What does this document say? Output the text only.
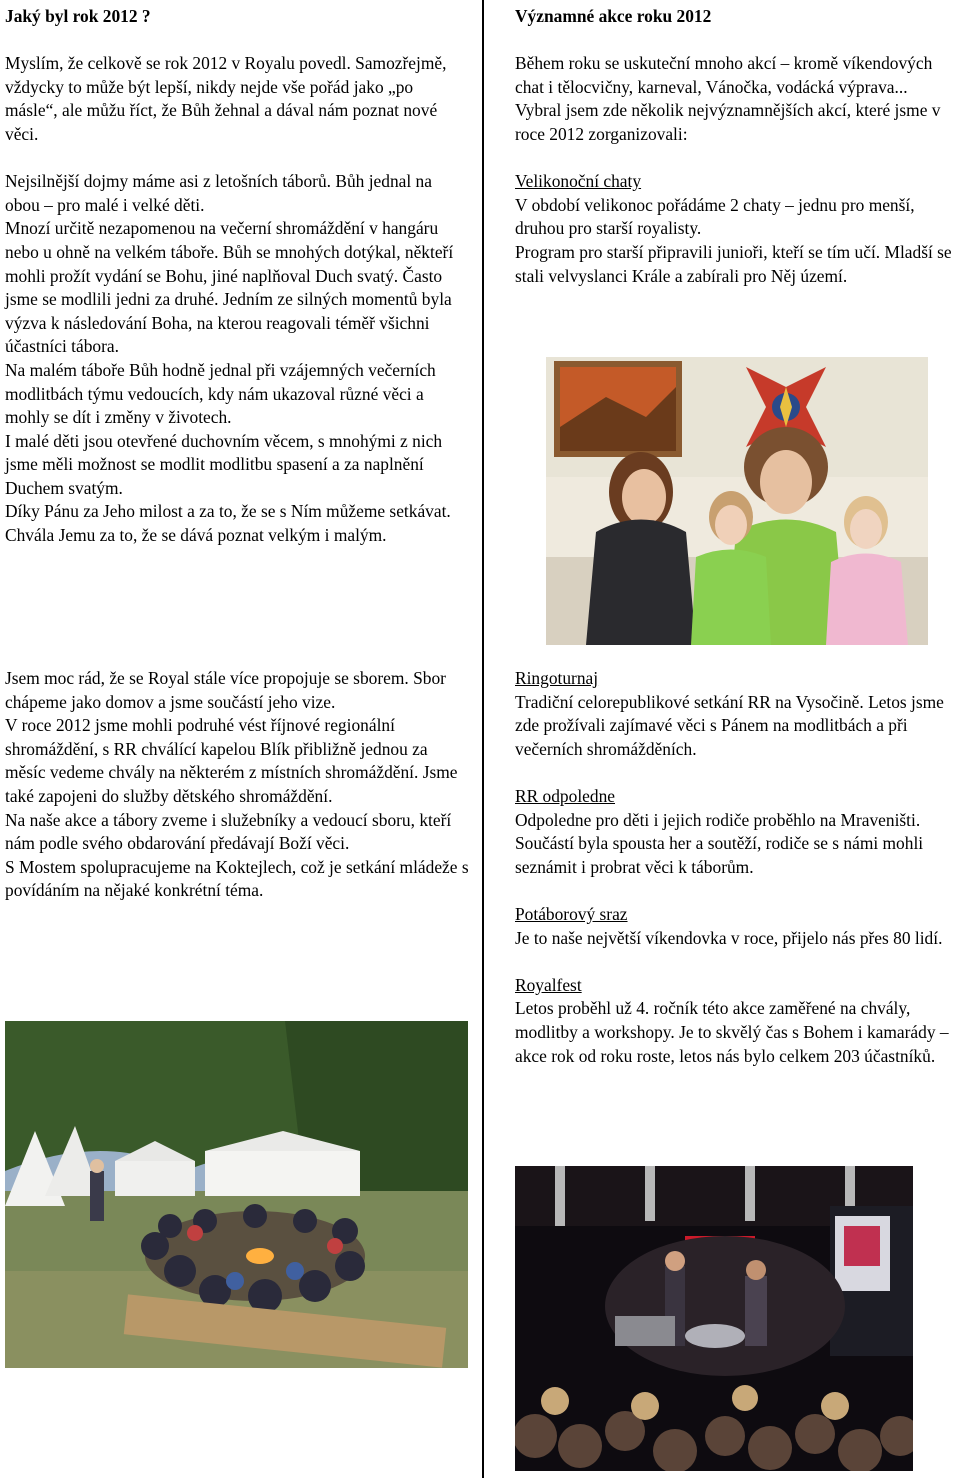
Jaký byl rok 2012 ?

Myslím, že celkově se rok 2012 v Royalu povedl. Samozřejmě, vždycky to může být lepší, nikdy nejde vše pořád jako „po másle“, ale můžu říct, že Bůh žehnal a dával nám poznat nové věci.

Nejsilnější dojmy máme asi z letošních táborů. Bůh jednal na obou – pro malé i velké děti.

Mnozí určitě nezapomenou na večerní shromáždění v hangáru nebo u ohně na velkém táboře. Bůh se mnohých dotýkal, někteří mohli prožít vydání se Bohu, jiné naplňoval Duch svatý. Často jsme se modlili jedni za druhé. Jedním ze silných momentů byla výzva k následování Boha, na kterou reagovali téměř všichni účastníci tábora.

Na malém táboře Bůh hodně jednal při vzájemných večerních modlitbách týmu vedoucích, kdy nám ukazoval různé věci a mohly se dít i změny v životech.

I malé děti jsou otevřené duchovním věcem, s mnohými z nich jsme měli možnost se modlit modlitbu spasení a za naplnění Duchem svatým.

Díky Pánu za Jeho milost a za to, že se s Ním můžeme setkávat.

Chvála Jemu za to, že se dává poznat velkým i malým.

Jsem moc rád, že se Royal stále více propojuje se sborem. Sbor chápeme jako domov a jsme součástí jeho vize.

V roce 2012 jsme mohli podruhé vést říjnové regionální shromáždění, s RR chválící kapelou Blík přibližně jednou za měsíc vedeme chvály na některém z místních shromáždění. Jsme také zapojeni do služby dětského shromáždění.

Na naše akce a tábory zveme i služebníky a vedoucí sboru, kteří nám podle svého obdarování předávají Boží věci.

S Mostem spolupracujeme na Koktejlech, což je setkání mládeže s povídáním na nějaké konkrétní téma.

Významné akce roku 2012

Během roku se uskuteční mnoho akcí – kromě víkendových chat i tělocvičny, karneval, Vánočka, vodácká výprava...

Vybral jsem zde několik nejvýznamnějších akcí, které jsme v roce 2012 zorganizovali:

Velikonoční chaty

V období velikonoc pořádáme 2 chaty – jednu pro menší, druhou pro starší royalisty.

Program pro starší připravili junioři, kteří se tím učí. Mladší se stali velvyslanci Krále a zabírali pro Něj území.

Ringoturnaj

Tradiční celorepublikové setkání RR na Vysočině. Letos jsme zde prožívali zajímavé věci s Pánem na modlitbách a při večerních shromážděních.

RR odpoledne

Odpoledne pro děti i jejich rodiče proběhlo na Mraveništi. Součástí byla spousta her a soutěží, rodiče se s námi mohli seznámit i probrat věci k táborům.

Potáborový sraz

Je to naše největší víkendovka v roce, přijelo nás přes 80 lidí.

Royalfest

Letos proběhl už 4. ročník této akce zaměřené na chvály, modlitby a workshopy. Je to skvělý čas s Bohem i kamarády – akce rok od roku roste, letos nás bylo celkem 203 účastníků.
